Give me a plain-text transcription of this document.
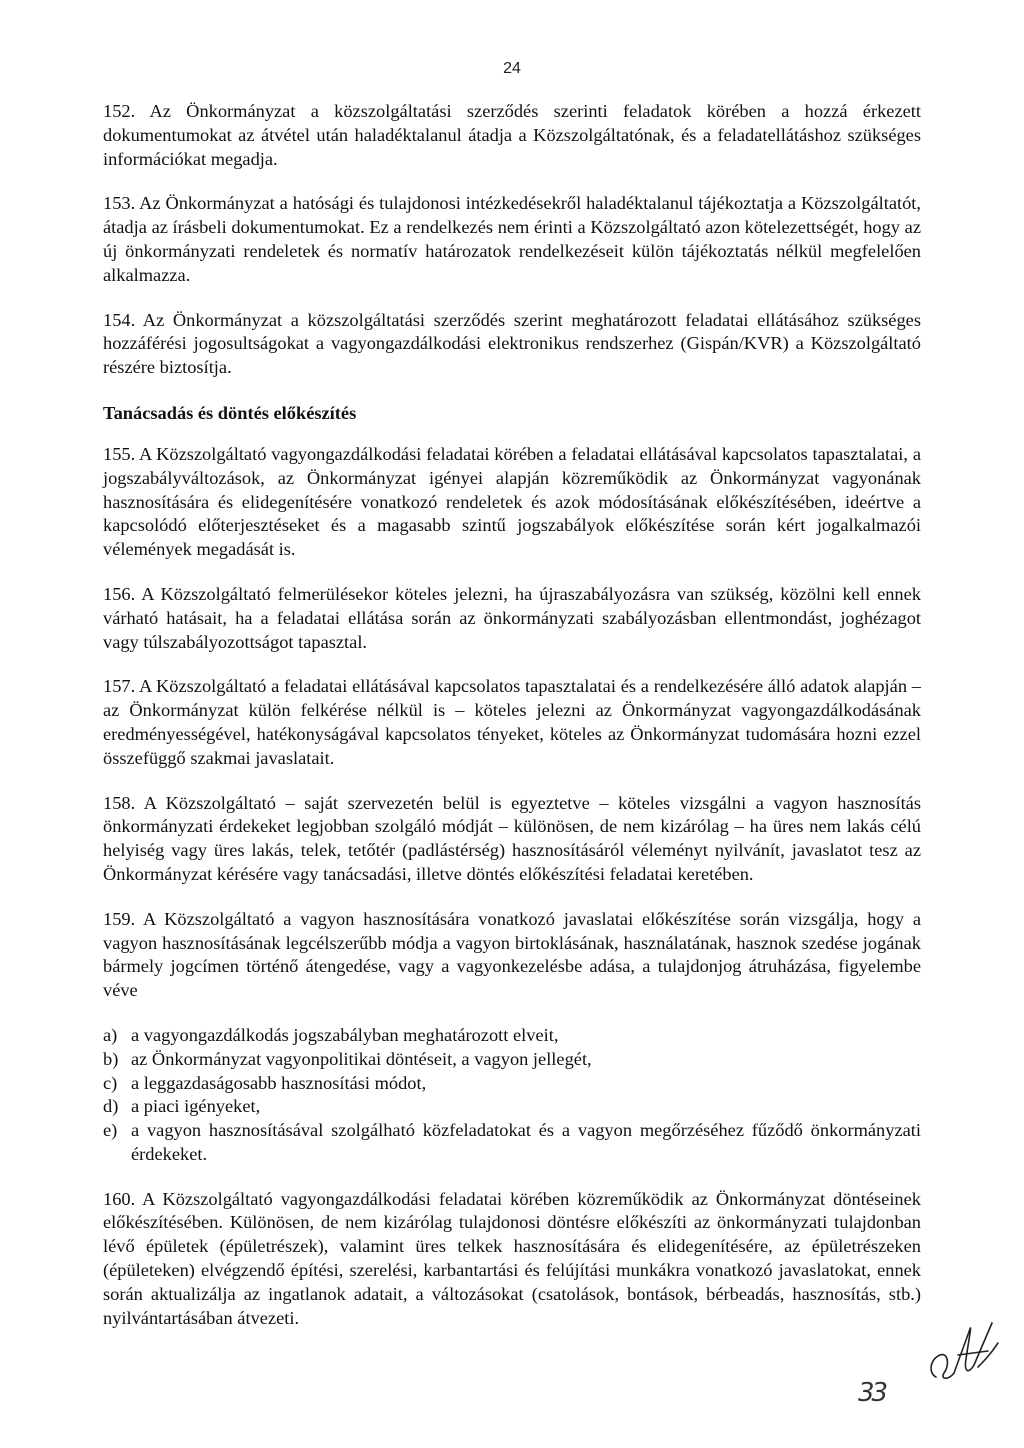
24

152. Az Önkormányzat a közszolgáltatási szerződés szerinti feladatok körében a hozzá érkezett dokumentumokat az átvétel után haladéktalanul átadja a Közszolgáltatónak, és a feladatellátáshoz szükséges információkat megadja.

153. Az Önkormányzat a hatósági és tulajdonosi intézkedésekről haladéktalanul tájékoztatja a Közszolgáltatót, átadja az írásbeli dokumentumokat. Ez a rendelkezés nem érinti a Közszolgáltató azon kötelezettségét, hogy az új önkormányzati rendeletek és normatív határozatok rendelkezéseit külön tájékoztatás nélkül megfelelően alkalmazza.

154. Az Önkormányzat a közszolgáltatási szerződés szerint meghatározott feladatai ellátásához szükséges hozzáférési jogosultságokat a vagyongazdálkodási elektronikus rendszerhez (Gispán/KVR) a Közszolgáltató részére biztosítja.

Tanácsadás és döntés előkészítés

155. A Közszolgáltató vagyongazdálkodási feladatai körében a feladatai ellátásával kapcsolatos tapasztalatai, a jogszabályváltozások, az Önkormányzat igényei alapján közreműködik az Önkormányzat vagyonának hasznosítására és elidegenítésére vonatkozó rendeletek és azok módosításának előkészítésében, ideértve a kapcsolódó előterjesztéseket és a magasabb szintű jogszabályok előkészítése során kért jogalkalmazói vélemények megadását is.

156. A Közszolgáltató felmerülésekor köteles jelezni, ha újraszabályozásra van szükség, közölni kell ennek várható hatásait, ha a feladatai ellátása során az önkormányzati szabályozásban ellentmondást, joghézagot vagy túlszabályozottságot tapasztal.

157. A Közszolgáltató a feladatai ellátásával kapcsolatos tapasztalatai és a rendelkezésére álló adatok alapján – az Önkormányzat külön felkérése nélkül is – köteles jelezni az Önkormányzat vagyongazdálkodásának eredményességével, hatékonyságával kapcsolatos tényeket, köteles az Önkormányzat tudomására hozni ezzel összefüggő szakmai javaslatait.

158. A Közszolgáltató – saját szervezetén belül is egyeztetve – köteles vizsgálni a vagyon hasznosítás önkormányzati érdekeket legjobban szolgáló módját – különösen, de nem kizárólag – ha üres nem lakás célú helyiség vagy üres lakás, telek, tetőtér (padlástérség) hasznosításáról véleményt nyilvánít, javaslatot tesz az Önkormányzat kérésére vagy tanácsadási, illetve döntés előkészítési feladatai keretében.

159. A Közszolgáltató a vagyon hasznosítására vonatkozó javaslatai előkészítése során vizsgálja, hogy a vagyon hasznosításának legcélszerűbb módja a vagyon birtoklásának, használatának, hasznok szedése jogának bármely jogcímen történő átengedése, vagy a vagyonkezelésbe adása, a tulajdonjog átruházása, figyelembe véve

a) a vagyongazdálkodás jogszabályban meghatározott elveit,
b) az Önkormányzat vagyonpolitikai döntéseit, a vagyon jellegét,
c) a leggazdaságosabb hasznosítási módot,
d) a piaci igényeket,
e) a vagyon hasznosításával szolgálható közfeladatokat és a vagyon megőrzéséhez fűződő önkormányzati érdekeket.

160. A Közszolgáltató vagyongazdálkodási feladatai körében közreműködik az Önkormányzat döntéseinek előkészítésében. Különösen, de nem kizárólag tulajdonosi döntésre előkészíti az önkormányzati tulajdonban lévő épületek (épületrészek), valamint üres telkek hasznosítására és elidegenítésére, az épületrészeken (épületeken) elvégzendő építési, szerelési, karbantartási és felújítási munkákra vonatkozó javaslatokat, ennek során aktualizálja az ingatlanok adatait, a változásokat (csatolások, bontások, bérbeadás, hasznosítás, stb.) nyilvántartásában átvezeti.

33
